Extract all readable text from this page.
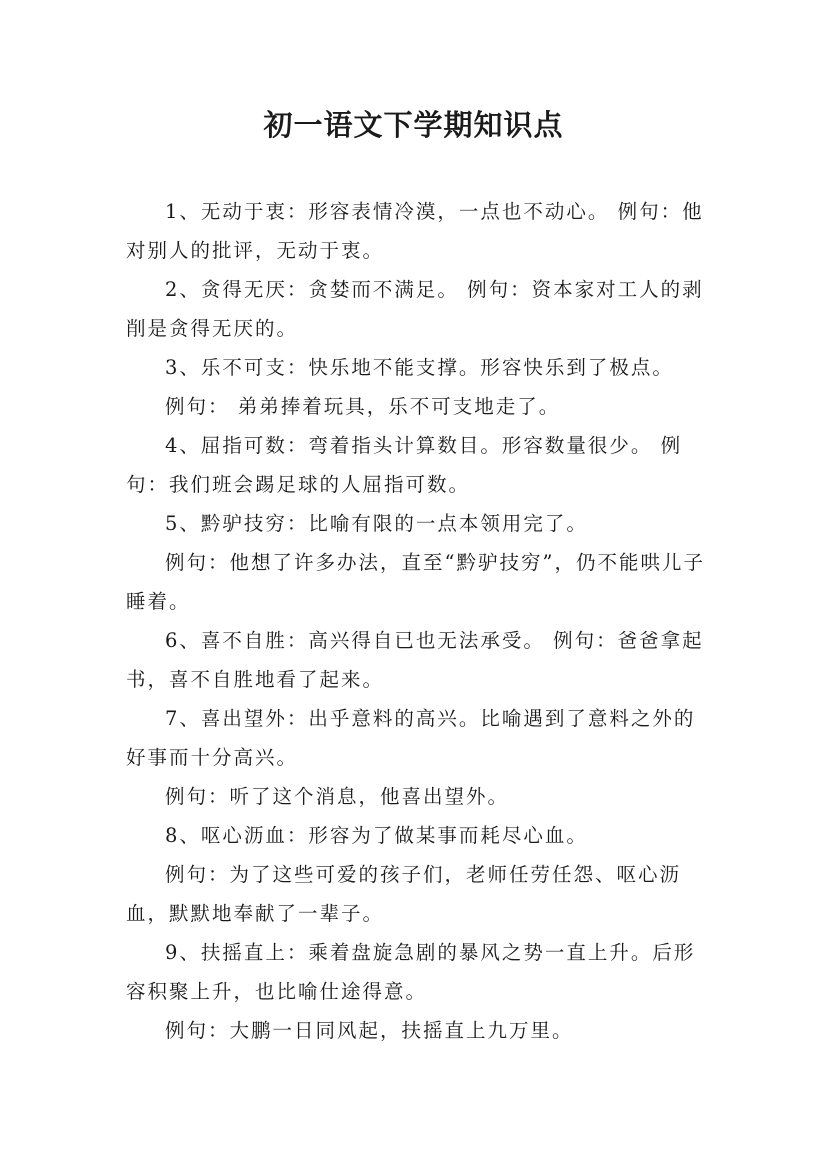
初一语文下学期知识点

1、无动于衷：形容表情冷漠，一点也不动心。 例句：他对别人的批评，无动于衷。

2、贪得无厌：贪婪而不满足。 例句：资本家对工人的剥削是贪得无厌的。

3、乐不可支：快乐地不能支撑。形容快乐到了极点。

例句： 弟弟捧着玩具，乐不可支地走了。

4、屈指可数：弯着指头计算数目。形容数量很少。 例句：我们班会踢足球的人屈指可数。

5、黔驴技穷：比喻有限的一点本领用完了。

例句：他想了许多办法，直至“黔驴技穷”，仍不能哄儿子睡着。

6、喜不自胜：高兴得自已也无法承受。 例句：爸爸拿起书，喜不自胜地看了起来。

7、喜出望外：出乎意料的高兴。比喻遇到了意料之外的好事而十分高兴。

例句：听了这个消息，他喜出望外。

8、呕心沥血：形容为了做某事而耗尽心血。

例句：为了这些可爱的孩子们，老师任劳任怨、呕心沥血，默默地奉献了一辈子。

9、扶摇直上：乘着盘旋急剧的暴风之势一直上升。后形容积聚上升，也比喻仕途得意。

例句：大鹏一日同风起，扶摇直上九万里。
